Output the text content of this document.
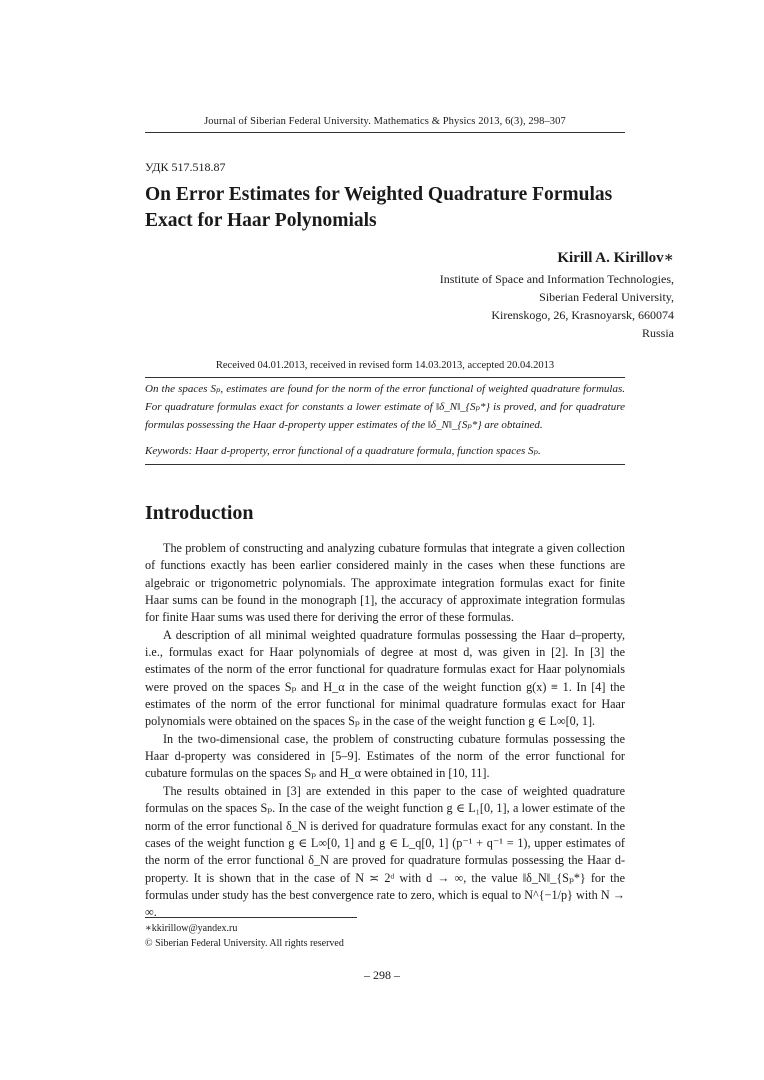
Journal of Siberian Federal University. Mathematics & Physics 2013, 6(3), 298–307
УДК 517.518.87
On Error Estimates for Weighted Quadrature Formulas
Exact for Haar Polynomials
Kirill A. Kirillov∗
Institute of Space and Information Technologies,
Siberian Federal University,
Kirenskogo, 26, Krasnoyarsk, 660074
Russia
Received 04.01.2013, received in revised form 14.03.2013, accepted 20.04.2013
On the spaces Sₚ, estimates are found for the norm of the error functional of weighted quadrature formulas. For quadrature formulas exact for constants a lower estimate of ‖δ_N‖_{Sₚ*} is proved, and for quadrature formulas possessing the Haar d-property upper estimates of the ‖δ_N‖_{Sₚ*} are obtained.
Keywords: Haar d-property, error functional of a quadrature formula, function spaces Sₚ.
Introduction

The problem of constructing and analyzing cubature formulas that integrate a given collection of functions exactly has been earlier considered mainly in the cases when these functions are algebraic or trigonometric polynomials. The approximate integration formulas exact for finite Haar sums can be found in the monograph [1], the accuracy of approximate integration formulas for finite Haar sums was used there for deriving the error of these formulas.

A description of all minimal weighted quadrature formulas possessing the Haar d–property, i.e., formulas exact for Haar polynomials of degree at most d, was given in [2]. In [3] the estimates of the norm of the error functional for quadrature formulas exact for Haar polynomials were proved on the spaces Sₚ and H_α in the case of the weight function g(x) ≡ 1. In [4] the estimates of the norm of the error functional for minimal quadrature formulas exact for Haar polynomials were obtained on the spaces Sₚ in the case of the weight function g ∈ L∞[0, 1].

In the two-dimensional case, the problem of constructing cubature formulas possessing the Haar d-property was considered in [5–9]. Estimates of the norm of the error functional for cubature formulas on the spaces Sₚ and H_α were obtained in [10, 11].

The results obtained in [3] are extended in this paper to the case of weighted quadrature formulas on the spaces Sₚ. In the case of the weight function g ∈ L₁[0, 1], a lower estimate of the norm of the error functional δ_N is derived for quadrature formulas exact for any constant. In the cases of the weight function g ∈ L∞[0, 1] and g ∈ L_q[0, 1] (p⁻¹ + q⁻¹ = 1), upper estimates of the norm of the error functional δ_N are proved for quadrature formulas possessing the Haar d-property. It is shown that in the case of N ≍ 2ᵈ with d → ∞, the value ‖δ_N‖_{Sₚ*} for the formulas under study has the best convergence rate to zero, which is equal to N^{−1/p} with N → ∞.

∗kkirillow@yandex.ru
© Siberian Federal University. All rights reserved
– 298 –
